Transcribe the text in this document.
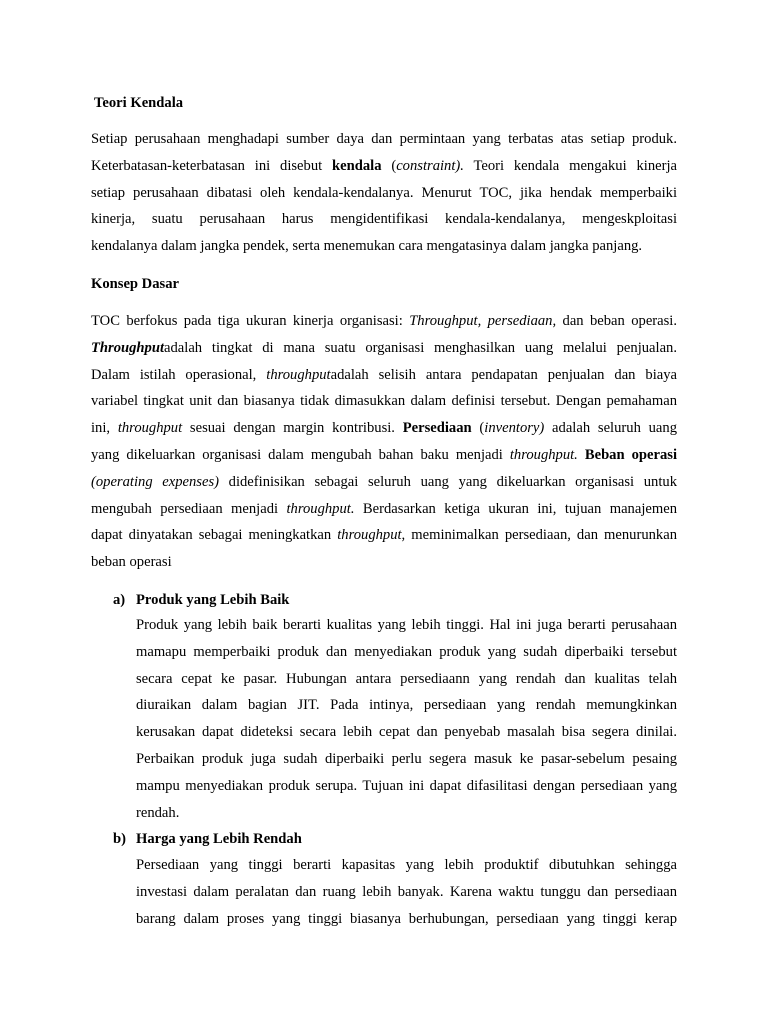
Teori Kendala
Setiap perusahaan menghadapi sumber daya dan permintaan yang terbatas atas setiap produk.
Keterbatasan-keterbatasan ini disebut kendala (constraint). Teori kendala mengakui kinerja
setiap perusahaan dibatasi oleh kendala-kendalanya. Menurut TOC, jika hendak memperbaiki
kinerja, suatu perusahaan harus mengidentifikasi kendala-kendalanya, mengeskploitasi
kendalanya dalam jangka pendek, serta menemukan cara mengatasinya dalam jangka panjang.
Konsep Dasar
TOC berfokus pada tiga ukuran kinerja organisasi: Throughput, persediaan, dan beban operasi.
Throughputadalah tingkat di mana suatu organisasi menghasilkan uang melalui penjualan.
Dalam istilah operasional, throughputadalah selisih antara pendapatan penjualan dan biaya
variabel tingkat unit dan biasanya tidak dimasukkan dalam definisi tersebut. Dengan pemahaman
ini, throughput sesuai dengan margin kontribusi. Persediaan (inventory) adalah seluruh uang
yang dikeluarkan organisasi dalam mengubah bahan baku menjadi throughput. Beban operasi
(operating expenses) didefinisikan sebagai seluruh uang yang dikeluarkan organisasi untuk
mengubah persediaan menjadi throughput. Berdasarkan ketiga ukuran ini, tujuan manajemen
dapat dinyatakan sebagai meningkatkan throughput, meminimalkan persediaan, dan menurunkan
beban operasi
a) Produk yang Lebih Baik
Produk yang lebih baik berarti kualitas yang lebih tinggi. Hal ini juga berarti perusahaan
mamapu memperbaiki produk dan menyediakan produk yang sudah diperbaiki tersebut
secara cepat ke pasar. Hubungan antara persediaann yang rendah dan kualitas telah
diuraikan dalam bagian JIT. Pada intinya, persediaan yang rendah memungkinkan
kerusakan dapat dideteksi secara lebih cepat dan penyebab masalah bisa segera dinilai.
Perbaikan produk juga sudah diperbaiki perlu segera masuk ke pasar-sebelum pesaing
mampu menyediakan produk serupa. Tujuan ini dapat difasilitasi dengan persediaan yang
rendah.
b) Harga yang Lebih Rendah
Persediaan yang tinggi berarti kapasitas yang lebih produktif dibutuhkan sehingga
investasi dalam peralatan dan ruang lebih banyak. Karena waktu tunggu dan persediaan
barang dalam proses yang tinggi biasanya berhubungan, persediaan yang tinggi kerap
